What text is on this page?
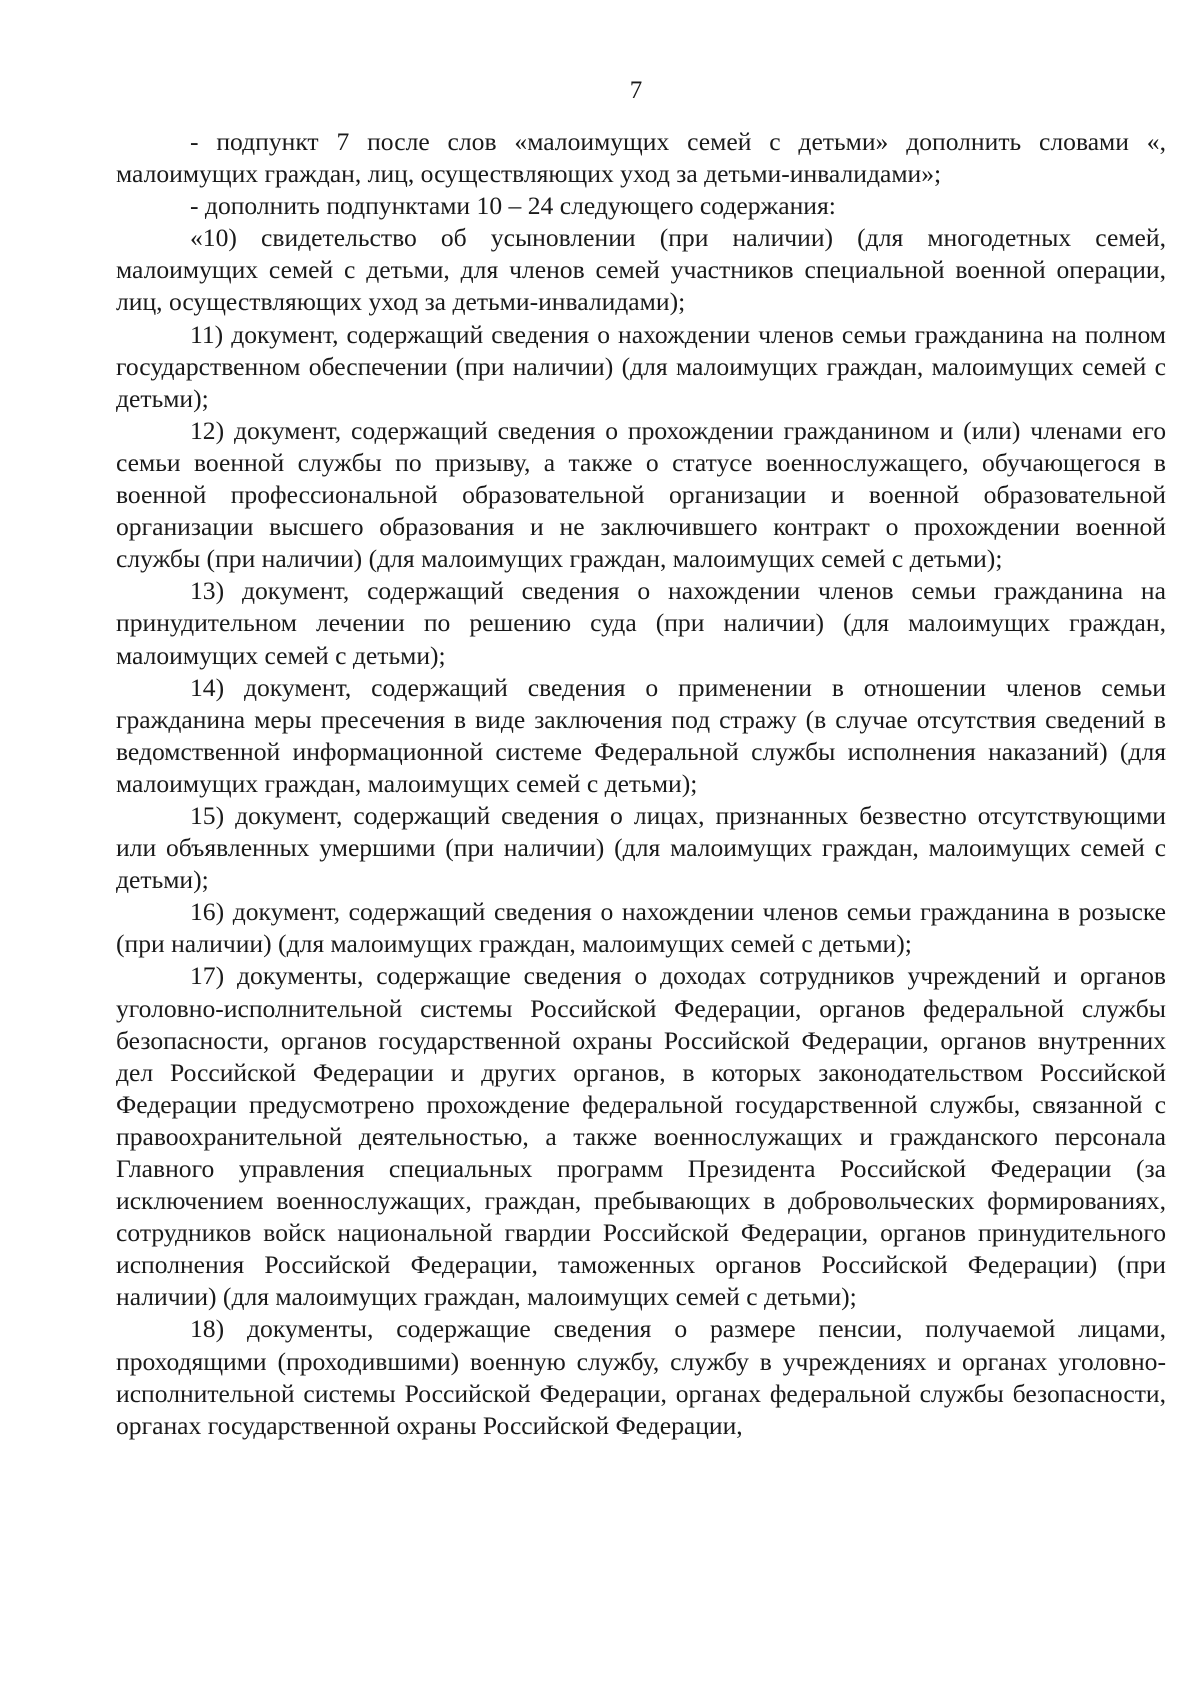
7

- подпункт 7 после слов «малоимущих семей с детьми» дополнить словами «, малоимущих граждан, лиц, осуществляющих уход за детьми-инвалидами»;

- дополнить подпунктами 10 – 24 следующего содержания:

«10) свидетельство об усыновлении (при наличии) (для многодетных семей, малоимущих семей с детьми, для членов семей участников специальной военной операции, лиц, осуществляющих уход за детьми-инвалидами);

11) документ, содержащий сведения о нахождении членов семьи гражданина на полном государственном обеспечении (при наличии) (для малоимущих граждан, малоимущих семей с детьми);

12) документ, содержащий сведения о прохождении гражданином и (или) членами его семьи военной службы по призыву, а также о статусе военнослужащего, обучающегося в военной профессиональной образовательной организации и военной образовательной организации высшего образования и не заключившего контракт о прохождении военной службы (при наличии) (для малоимущих граждан, малоимущих семей с детьми);

13) документ, содержащий сведения о нахождении членов семьи гражданина на принудительном лечении по решению суда (при наличии) (для малоимущих граждан, малоимущих семей с детьми);

14) документ, содержащий сведения о применении в отношении членов семьи гражданина меры пресечения в виде заключения под стражу (в случае отсутствия сведений в ведомственной информационной системе Федеральной службы исполнения наказаний) (для малоимущих граждан, малоимущих семей с детьми);

15) документ, содержащий сведения о лицах, признанных безвестно отсутствующими или объявленных умершими (при наличии) (для малоимущих граждан, малоимущих семей с детьми);

16) документ, содержащий сведения о нахождении членов семьи гражданина в розыске (при наличии) (для малоимущих граждан, малоимущих семей с детьми);

17) документы, содержащие сведения о доходах сотрудников учреждений и органов уголовно-исполнительной системы Российской Федерации, органов федеральной службы безопасности, органов государственной охраны Российской Федерации, органов внутренних дел Российской Федерации и других органов, в которых законодательством Российской Федерации предусмотрено прохождение федеральной государственной службы, связанной с правоохранительной деятельностью, а также военнослужащих и гражданского персонала Главного управления специальных программ Президента Российской Федерации (за исключением военнослужащих, граждан, пребывающих в добровольческих формированиях, сотрудников войск национальной гвардии Российской Федерации, органов принудительного исполнения Российской Федерации, таможенных органов Российской Федерации) (при наличии) (для малоимущих граждан, малоимущих семей с детьми);

18) документы, содержащие сведения о размере пенсии, получаемой лицами, проходящими (проходившими) военную службу, службу в учреждениях и органах уголовно-исполнительной системы Российской Федерации, органах федеральной службы безопасности, органах государственной охраны Российской Федерации,
